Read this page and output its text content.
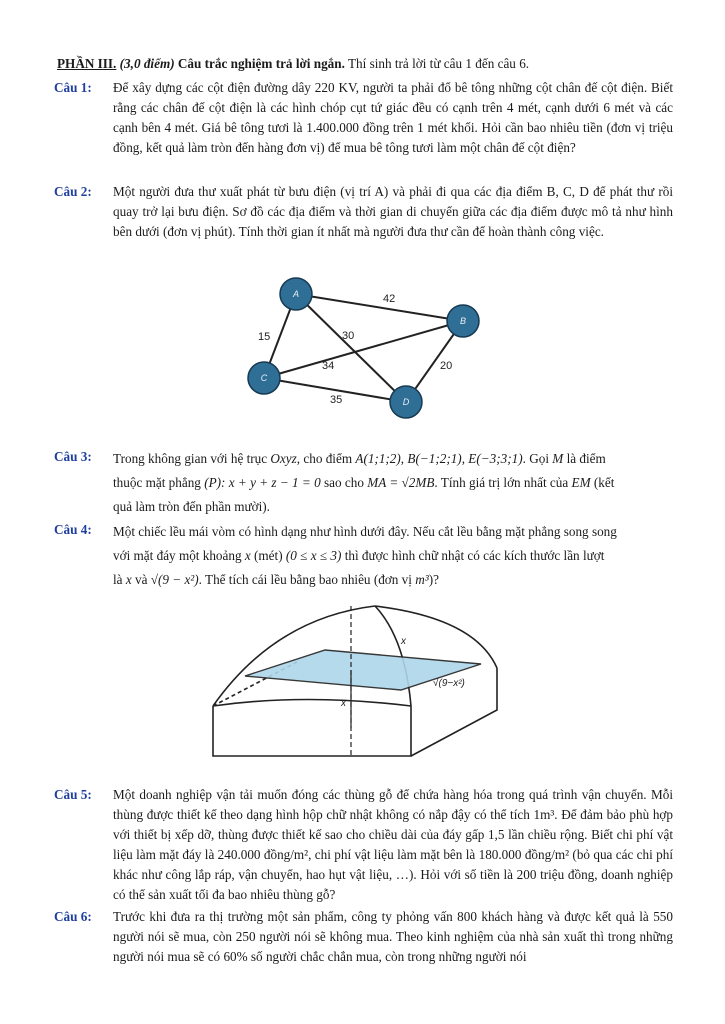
PHẦN III. (3,0 điểm) Câu trắc nghiệm trả lời ngắn. Thí sinh trả lời từ câu 1 đến câu 6.
Câu 1: Để xây dựng các cột điện đường dây 220 KV, người ta phải đổ bê tông những cột chân đế cột điện. Biết rằng các chân đế cột điện là các hình chóp cụt tứ giác đều có cạnh trên 4 mét, cạnh dưới 6 mét và các cạnh bên 4 mét. Giá bê tông tươi là 1.400.000 đồng trên 1 mét khối. Hỏi cần bao nhiêu tiền (đơn vị triệu đồng, kết quả làm tròn đến hàng đơn vị) để mua bê tông tươi làm một chân đế cột điện?
Câu 2: Một người đưa thư xuất phát từ bưu điện (vị trí A) và phải đi qua các địa điểm B, C, D để phát thư rồi quay trở lại bưu điện. Sơ đồ các địa điểm và thời gian di chuyển giữa các địa điểm được mô tả như hình bên dưới (đơn vị phút). Tính thời gian ít nhất mà người đưa thư cần để hoàn thành công việc.
42
15	30
34	20
35
A
B
C
D
Câu 3: Trong không gian với hệ trục Oxyz, cho điểm A(1;1;2), B(−1;2;1), E(−3;3;1). Gọi M là điểm
thuộc mặt phẳng (P): x + y + z − 1 = 0 sao cho MA = √2MB. Tính giá trị lớn nhất của EM (kết
quả làm tròn đến phần mười).
Câu 4: Một chiếc lều mái vòm có hình dạng như hình dưới đây. Nếu cắt lều bằng mặt phẳng song song
với mặt đáy một khoảng x (mét) (0 ≤ x ≤ 3) thì được hình chữ nhật có các kích thước lần lượt
là x và √(9 − x²). Thể tích cái lều bằng bao nhiêu (đơn vị m³)?
x
√(9−x²)
x
Câu 5: Một doanh nghiệp vận tải muốn đóng các thùng gỗ để chứa hàng hóa trong quá trình vận chuyển. Mỗi thùng được thiết kế theo dạng hình hộp chữ nhật không có nắp đậy có thể tích 1m³. Để đảm bảo phù hợp với thiết bị xếp dỡ, thùng được thiết kế sao cho chiều dài của đáy gấp 1,5 lần chiều rộng. Biết chi phí vật liệu làm mặt đáy là 240.000 đồng/m², chi phí vật liệu làm mặt bên là 180.000 đồng/m² (bỏ qua các chi phí khác như công lắp ráp, vận chuyển, hao hụt vật liệu, …). Hỏi với số tiền là 200 triệu đồng, doanh nghiệp có thể sản xuất tối đa bao nhiêu thùng gỗ?
Câu 6: Trước khi đưa ra thị trường một sản phẩm, công ty phỏng vấn 800 khách hàng và được kết quả là 550 người nói sẽ mua, còn 250 người nói sẽ không mua. Theo kinh nghiệm của nhà sản xuất thì trong những người nói mua sẽ có 60% số người chắc chắn mua, còn trong những người nói
